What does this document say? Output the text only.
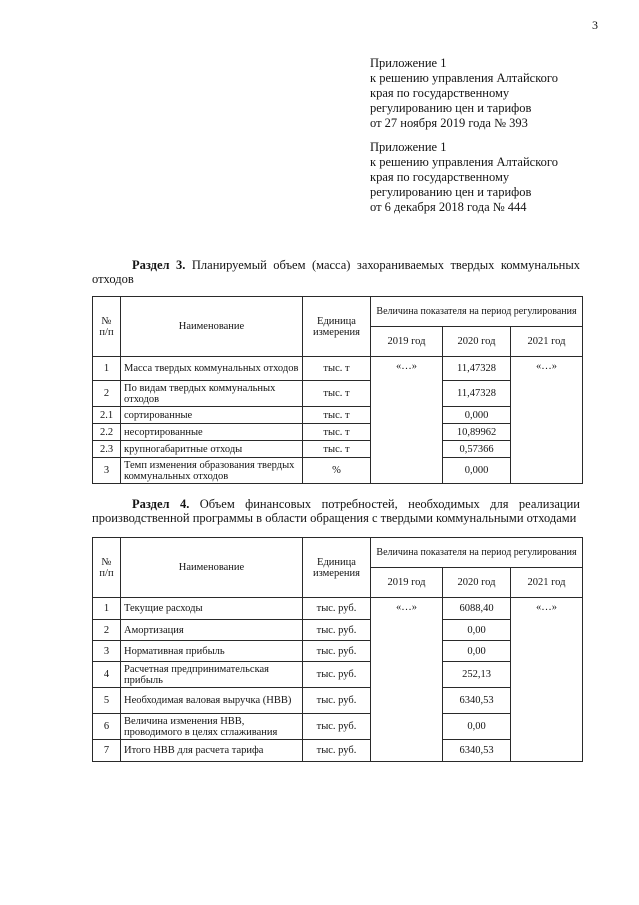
3
Приложение 1
к решению управления Алтайского
края по государственному
регулированию цен и тарифов
от 27 ноября 2019 года № 393
Приложение 1
к решению управления Алтайского
края по государственному
регулированию цен и тарифов
от 6 декабря 2018 года № 444
Раздел 3. Планируемый объем (масса) захораниваемых твердых коммунальных отходов
№ п/п	Наименование	Единица измерения	Величина показателя на период регулирования		
			2019 год	2020 год	2021 год
1	Масса твердых коммунальных отходов	тыс. т	«…»	11,47328	«…»
2	По видам твердых коммунальных отходов	тыс. т		11,47328	
2.1	сортированные	тыс. т		0,000	
2.2	несортированные	тыс. т		10,89962	
2.3	крупногабаритные отходы	тыс. т		0,57366	
3	Темп изменения образования твердых коммунальных отходов	%		0,000	
Раздел 4. Объем финансовых потребностей, необходимых для реализации производственной программы в области обращения с твердыми коммунальными отходами
№ п/п	Наименование	Единица измерения	Величина показателя на период регулирования		
			2019 год	2020 год	2021 год
1	Текущие расходы	тыс. руб.	«…»	6088,40	«…»
2	Амортизация	тыс. руб.		0,00	
3	Нормативная прибыль	тыс. руб.		0,00	
4	Расчетная предпринимательская прибыль	тыс. руб.		252,13	
5	Необходимая валовая выручка (НВВ)	тыс. руб.		6340,53	
6	Величина изменения НВВ, проводимого в целях сглаживания	тыс. руб.		0,00	
7	Итого НВВ для расчета тарифа	тыс. руб.		6340,53	
